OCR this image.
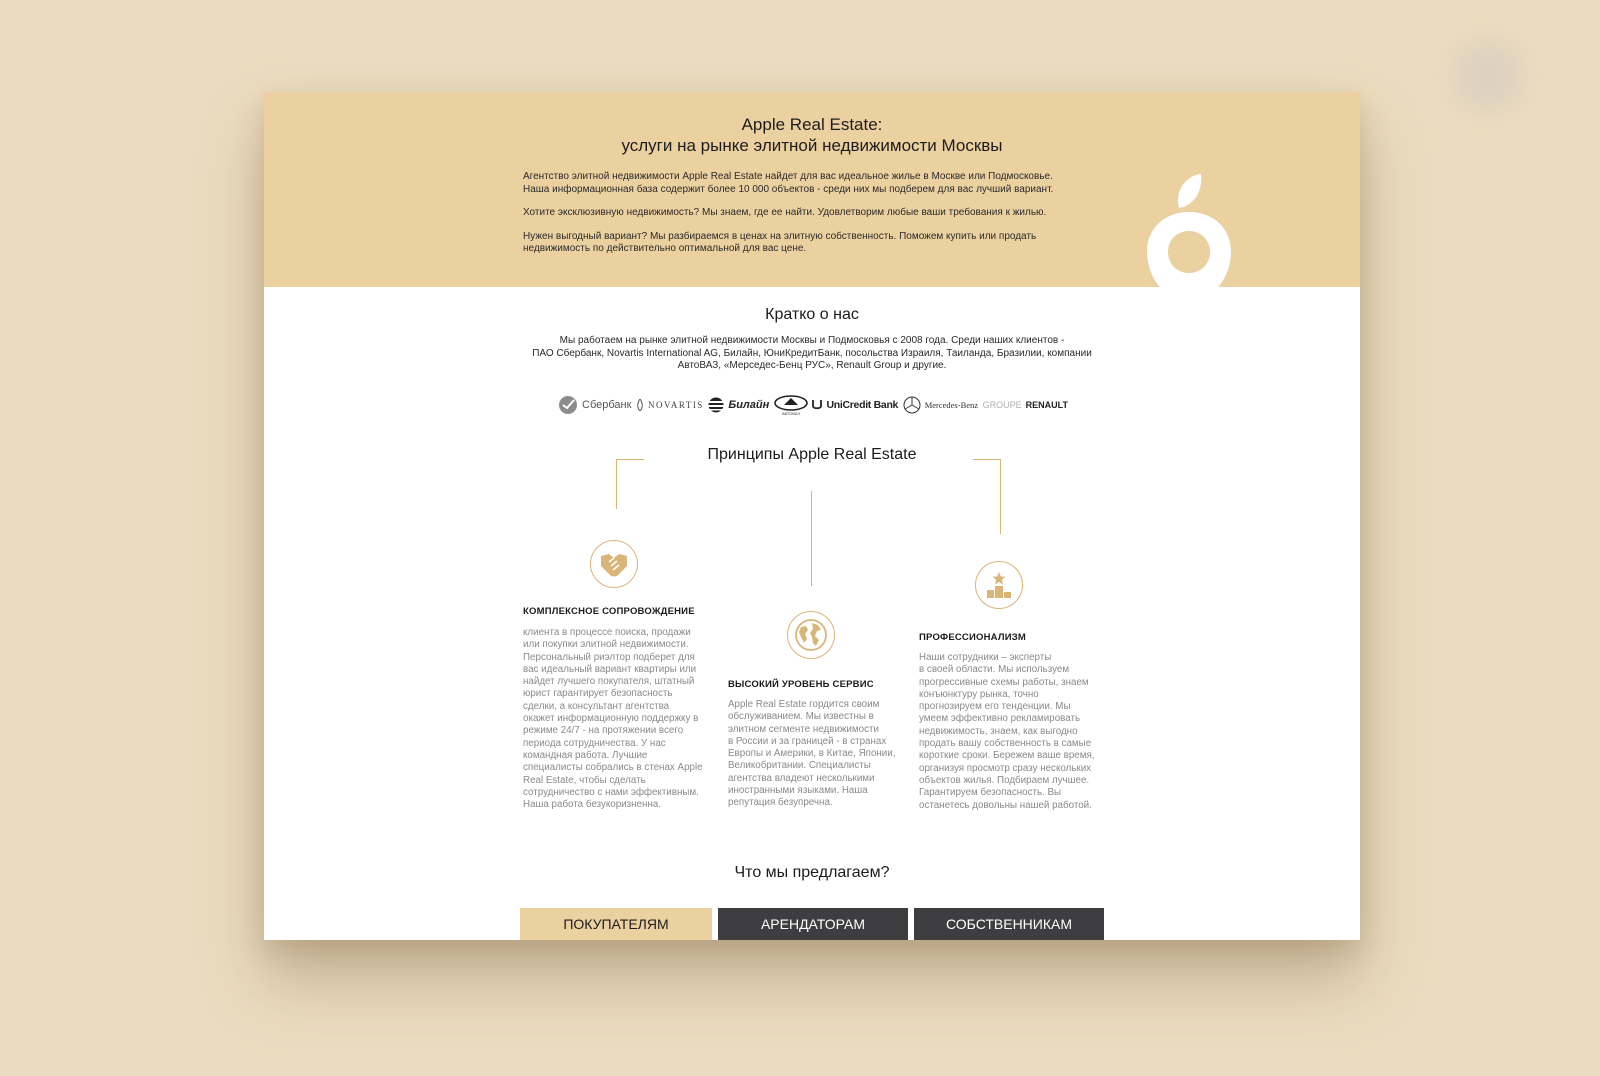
Apple Real Estate:
услуги на рынке элитной недвижимости Москвы

Агентство элитной недвижимости Apple Real Estate найдет для вас идеальное жилье в Москве или Подмосковье.
Наша информационная база содержит более 10 000 объектов - среди них мы подберем для вас лучший вариант.

Хотите эксклюзивную недвижимость? Мы знаем, где ее найти. Удовлетворим любые ваши требования к жилью.

Нужен выгодный вариант? Мы разбираемся в ценах на элитную собственность. Поможем купить или продать
недвижимость по действительно оптимальной для вас цене.

Кратко о нас
Мы работаем на рынке элитной недвижимости Москвы и Подмосковья с 2008 года. Среди наших клиентов -
ПАО Сбербанк, Novartis International AG, Билайн, ЮниКредитБанк, посольства Израиля, Таиланда, Бразилии, компании
АвтоВАЗ, «Мерседес-Бенц РУС», Renault Group и другие.
Сбербанк NOVARTIS Билайн
АВТОВАЗ
UniCredit Bank	Mercedes-Benz GROUPE RENAULT
Принципы Apple Real Estate
КОМПЛЕКСНОЕ СОПРОВОЖДЕНИЕ
клиента в процессе поиска, продажи
или покупки элитной недвижимости.
Персональный риэлтор подберет для
вас идеальный вариант квартиры или
найдет лучшего покупателя, штатный
юрист гарантирует безопасность
сделки, а консультант агентства
окажет информационную поддержку в
режиме 24/7 - на протяжении всего
периода сотрудничества. У нас
командная работа. Лучшие
специалисты собрались в стенах Apple
Real Estate, чтобы сделать
сотрудничество с нами эффективным.
Наша работа безукоризненна.
ВЫСОКИЙ УРОВЕНЬ СЕРВИС
Apple Real Estate гордится своим
обслуживанием. Мы известны в
элитном сегменте недвижимости
в России и за границей - в странах
Европы и Америки, в Китае, Японии,
Великобритании. Специалисты
агентства владеют несколькими
иностранными языками. Наша
репутация безупречна.
ПРОФЕССИОНАЛИЗМ
Наши сотрудники – эксперты
в своей области. Мы используем
прогрессивные схемы работы, знаем
конъюнктуру рынка, точно
прогнозируем его тенденции. Мы
умеем эффективно рекламировать
недвижимость, знаем, как выгодно
продать вашу собственность в самые
короткие сроки. Бережем ваше время,
организуя просмотр сразу нескольких
объектов жилья. Подбираем лучшее.
Гарантируем безопасность. Вы
останетесь довольны нашей работой.
Что мы предлагаем?
ПОКУПАТЕЛЯМ	АРЕНДАТОРАМ	СОБСТВЕННИКАМ
